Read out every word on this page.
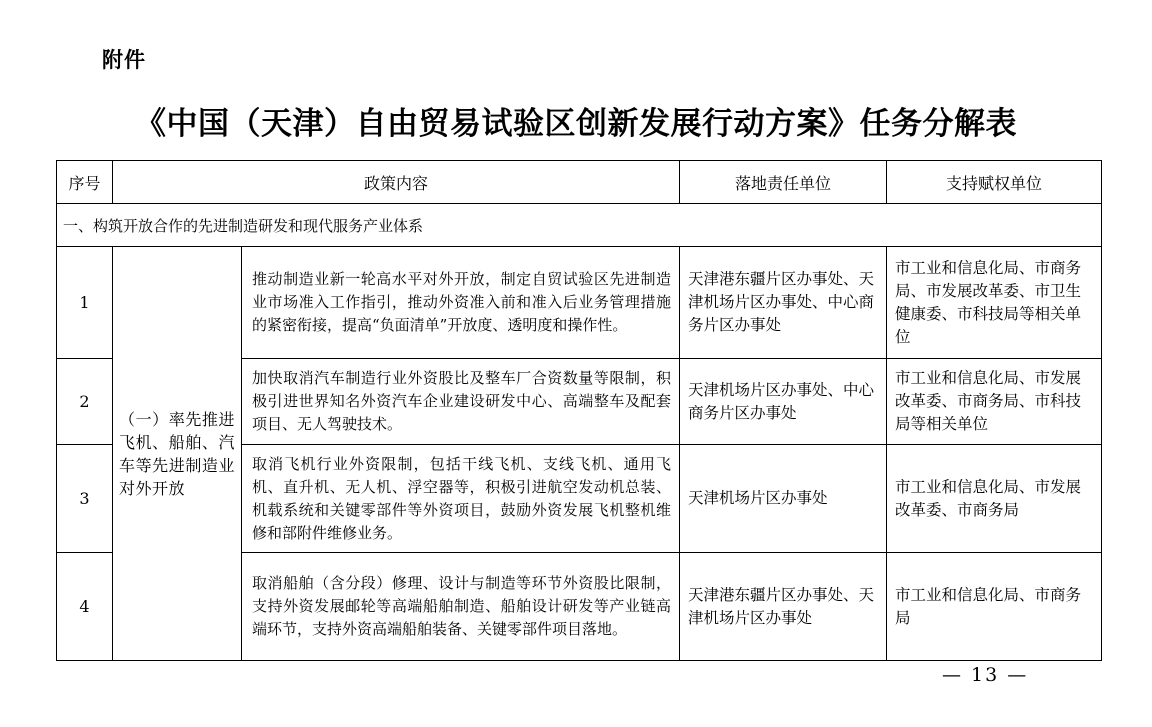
附件
《中国（天津）自由贸易试验区创新发展行动方案》任务分解表
序号	政策内容		落地责任单位	支持赋权单位
一、构筑开放合作的先进制造研发和现代服务产业体系				
1	（一）率先推进飞机、船舶、汽车等先进制造业对外开放	推动制造业新一轮高水平对外开放，制定自贸试验区先进制造业市场准入工作指引，推动外资准入前和准入后业务管理措施的紧密衔接，提高“负面清单”开放度、透明度和操作性。	天津港东疆片区办事处、天津机场片区办事处、中心商务片区办事处	市工业和信息化局、市商务局、市发展改革委、市卫生健康委、市科技局等相关单位
2		加快取消汽车制造行业外资股比及整车厂合资数量等限制，积极引进世界知名外资汽车企业建设研发中心、高端整车及配套项目、无人驾驶技术。	天津机场片区办事处、中心商务片区办事处	市工业和信息化局、市发展改革委、市商务局、市科技局等相关单位
3		取消飞机行业外资限制，包括干线飞机、支线飞机、通用飞机、直升机、无人机、浮空器等，积极引进航空发动机总装、机载系统和关键零部件等外资项目，鼓励外资发展飞机整机维修和部附件维修业务。	天津机场片区办事处	市工业和信息化局、市发展改革委、市商务局
4		取消船舶（含分段）修理、设计与制造等环节外资股比限制，支持外资发展邮轮等高端船舶制造、船舶设计研发等产业链高端环节，支持外资高端船舶装备、关键零部件项目落地。	天津港东疆片区办事处、天津机场片区办事处	市工业和信息化局、市商务局
— 13 —
